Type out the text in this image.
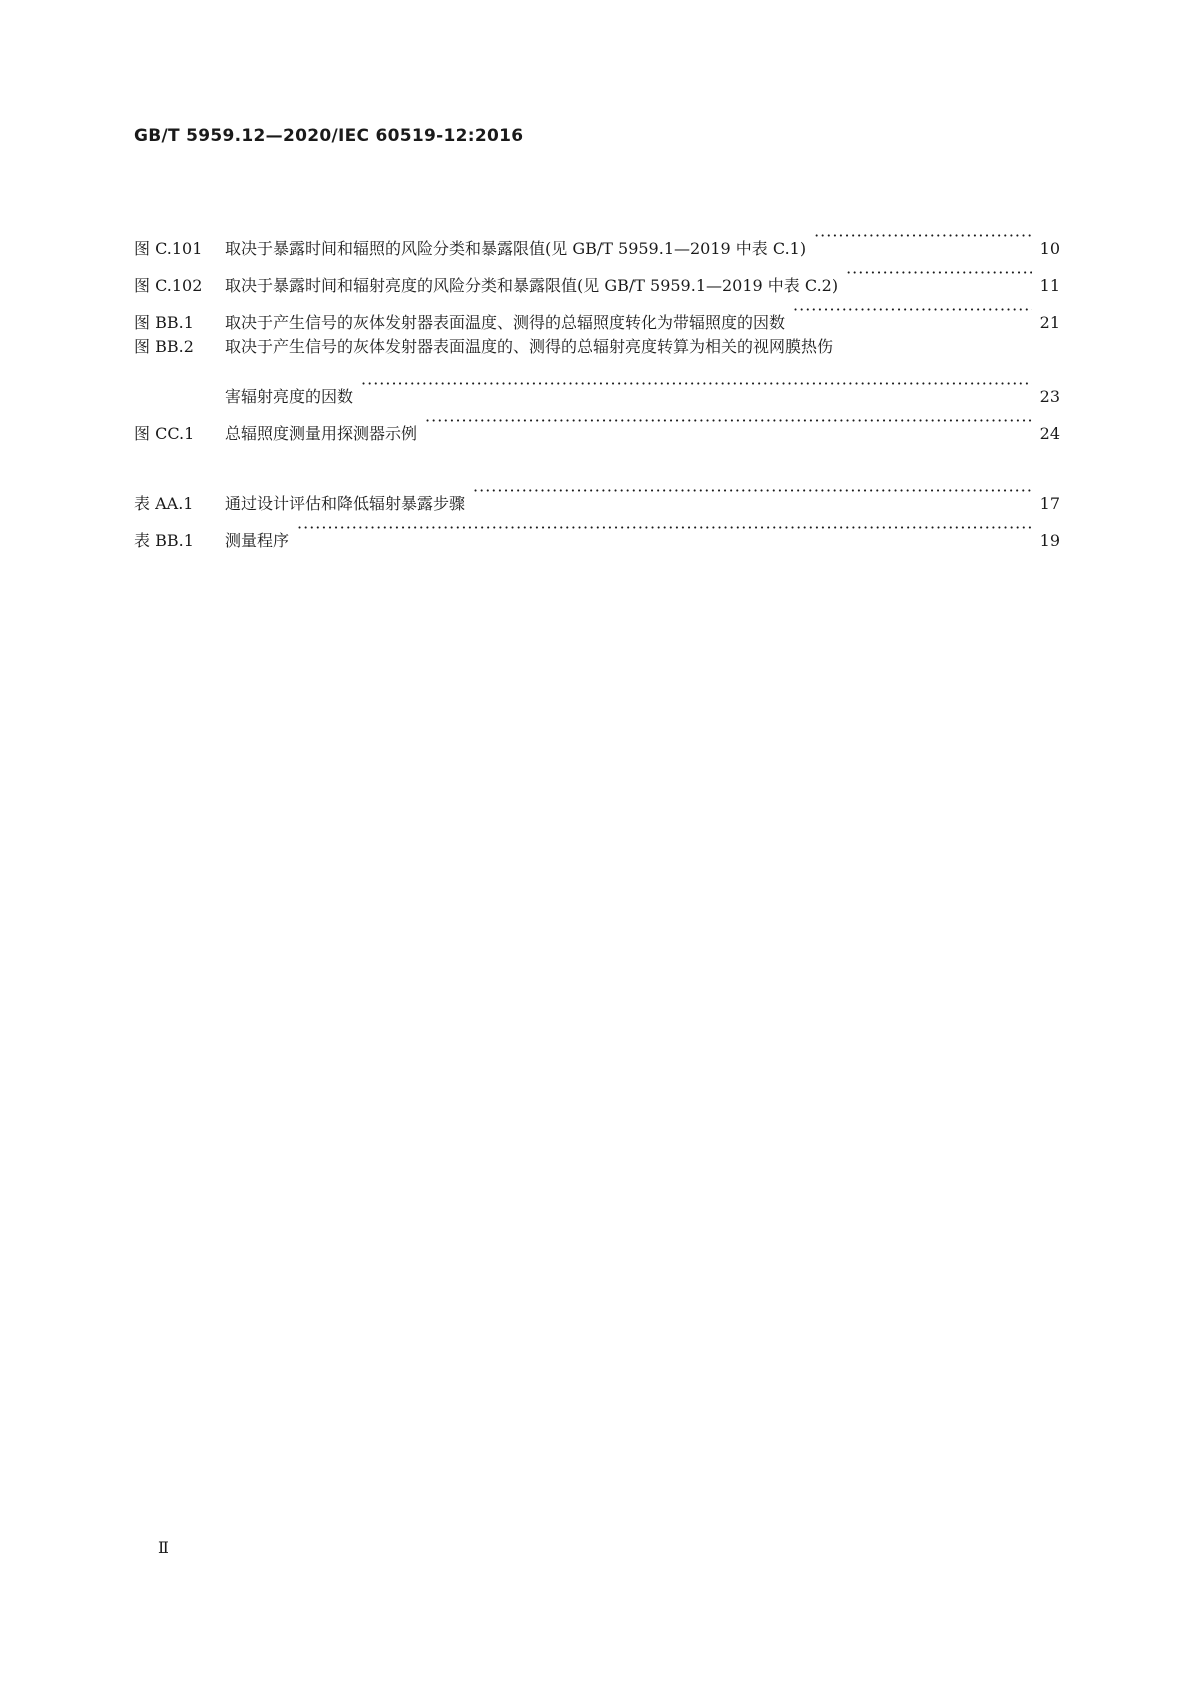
GB/T 5959.12—2020/IEC 60519-12:2016
图 C.101	取决于暴露时间和辐照的风险分类和暴露限值(见 GB/T 5959.1—2019 中表 C.1) ·····	10
图 C.102	取决于暴露时间和辐射亮度的风险分类和暴露限值(见 GB/T 5959.1—2019 中表 C.2) ·····	11
图 BB.1	取决于产生信号的灰体发射器表面温度、测得的总辐照度转化为带辐照度的因数 ·····	21
图 BB.2	取决于产生信号的灰体发射器表面温度的、测得的总辐射亮度转算为相关的视网膜热伤
害辐射亮度的因数 ·····	23
图 CC.1	总辐照度测量用探测器示例 ·····	24
表 AA.1	通过设计评估和降低辐射暴露步骤 ·····	17
表 BB.1	测量程序 ·····	19
Ⅱ
